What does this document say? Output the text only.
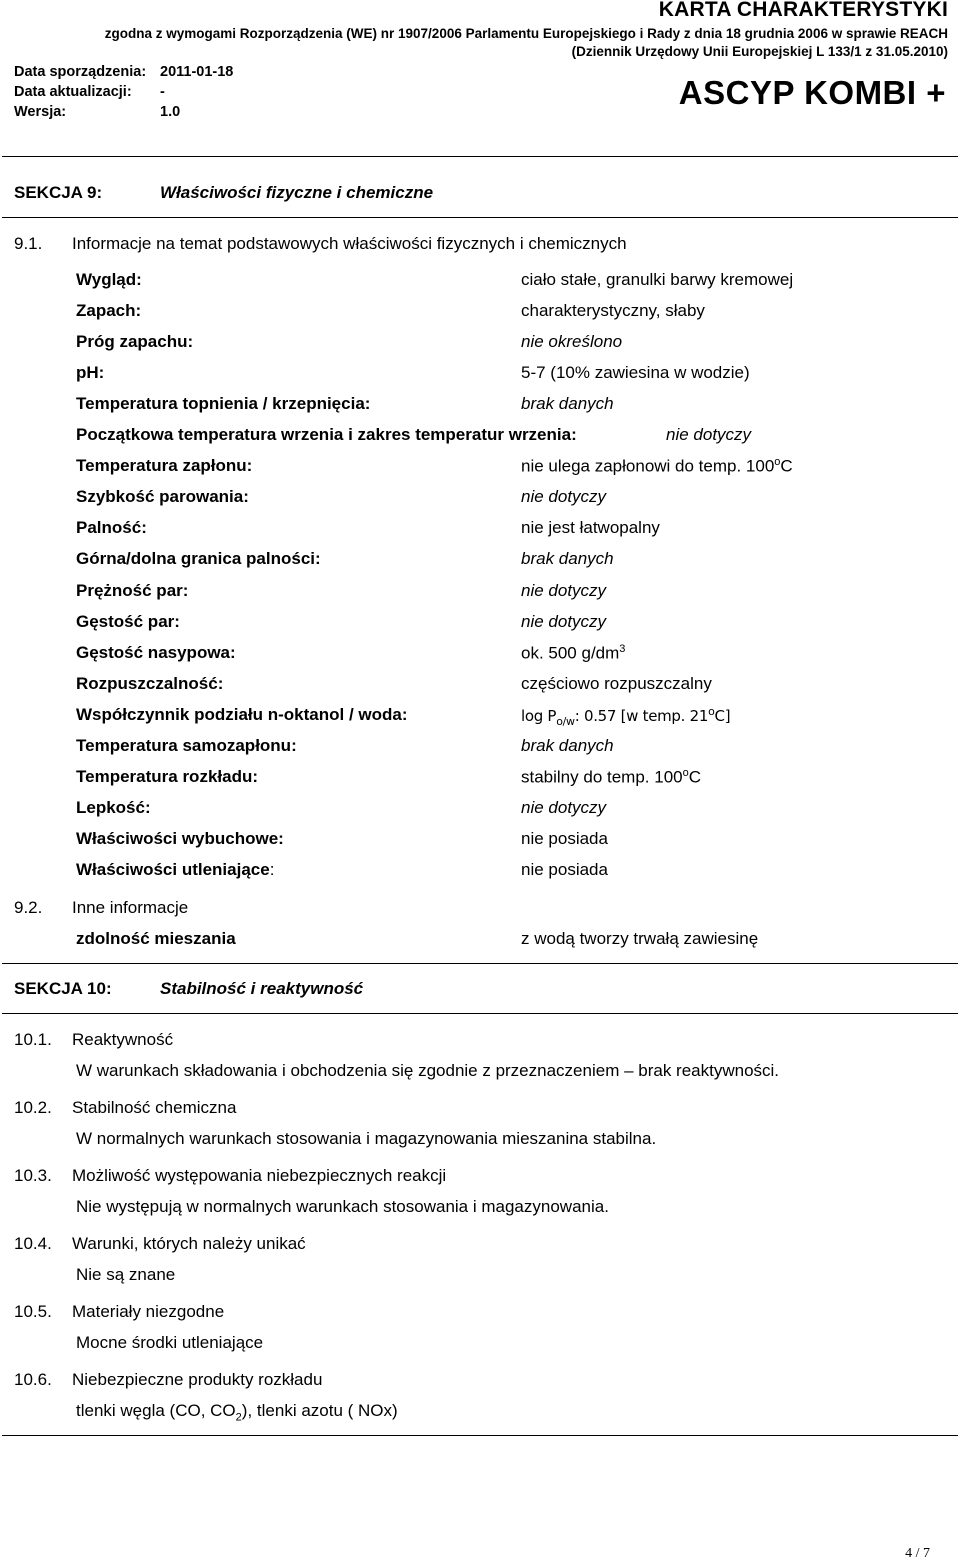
KARTA CHARAKTERYSTYKI
zgodna z wymogami Rozporządzenia (WE) nr 1907/2006 Parlamentu Europejskiego i Rady z dnia 18 grudnia 2006 w sprawie REACH
(Dziennik Urzędowy Unii Europejskiej L 133/1 z 31.05.2010)
Data sporządzenia: 2011-01-18
Data aktualizacji: -
Wersja:	1.0
ASCYP KOMBI +
SEKCJA 9:	Właściwości fizyczne i chemiczne
9.1. Informacje na temat podstawowych właściwości fizycznych i chemicznych
Wygląd:	ciało stałe, granulki barwy kremowej
Zapach:	charakterystyczny, słaby
Próg zapachu:	nie określono
pH:	5-7 (10% zawiesina w wodzie)
Temperatura topnienia / krzepnięcia:	brak danych
Początkowa temperatura wrzenia i zakres temperatur wrzenia:	nie dotyczy
Temperatura zapłonu:	nie ulega zapłonowi do temp. 100$^o$C
Szybkość parowania:	nie dotyczy
Palność:	nie jest łatwopalny
Górna/dolna granica palności:	brak danych
Prężność par:	nie dotyczy
Gęstość par:	nie dotyczy
Gęstość nasypowa:	ok. 500 $g/dm^3$
Rozpuszczalność:	częściowo rozpuszczalny
Współczynnik podziału n-oktanol / woda:	$\log P_{o/w}$: 0.57 [w temp. 21$^o$C]
Temperatura samozapłonu:	brak danych
Temperatura rozkładu:	stabilny do temp. 100$^o$C
Lepkość:	nie dotyczy
Właściwości wybuchowe:	nie posiada
Właściwości utleniające:	nie posiada
9.2. Inne informacje
zdolność mieszania	z wodą tworzy trwałą zawiesinę
SEKCJA 10:	Stabilność i reaktywność
10.1. Reaktywność
W warunkach składowania i obchodzenia się zgodnie z przeznaczeniem – brak reaktywności.
10.2. Stabilność chemiczna
W normalnych warunkach stosowania i magazynowania mieszanina stabilna.
10.3. Możliwość występowania niebezpiecznych reakcji
Nie występują w normalnych warunkach stosowania i magazynowania.
10.4. Warunki, których należy unikać
Nie są znane
10.5. Materiały niezgodne
Mocne środki utleniające
10.6. Niebezpieczne produkty rozkładu
tlenki węgla (CO, $CO_2$), tlenki azotu ( NOx)
4 / 7
